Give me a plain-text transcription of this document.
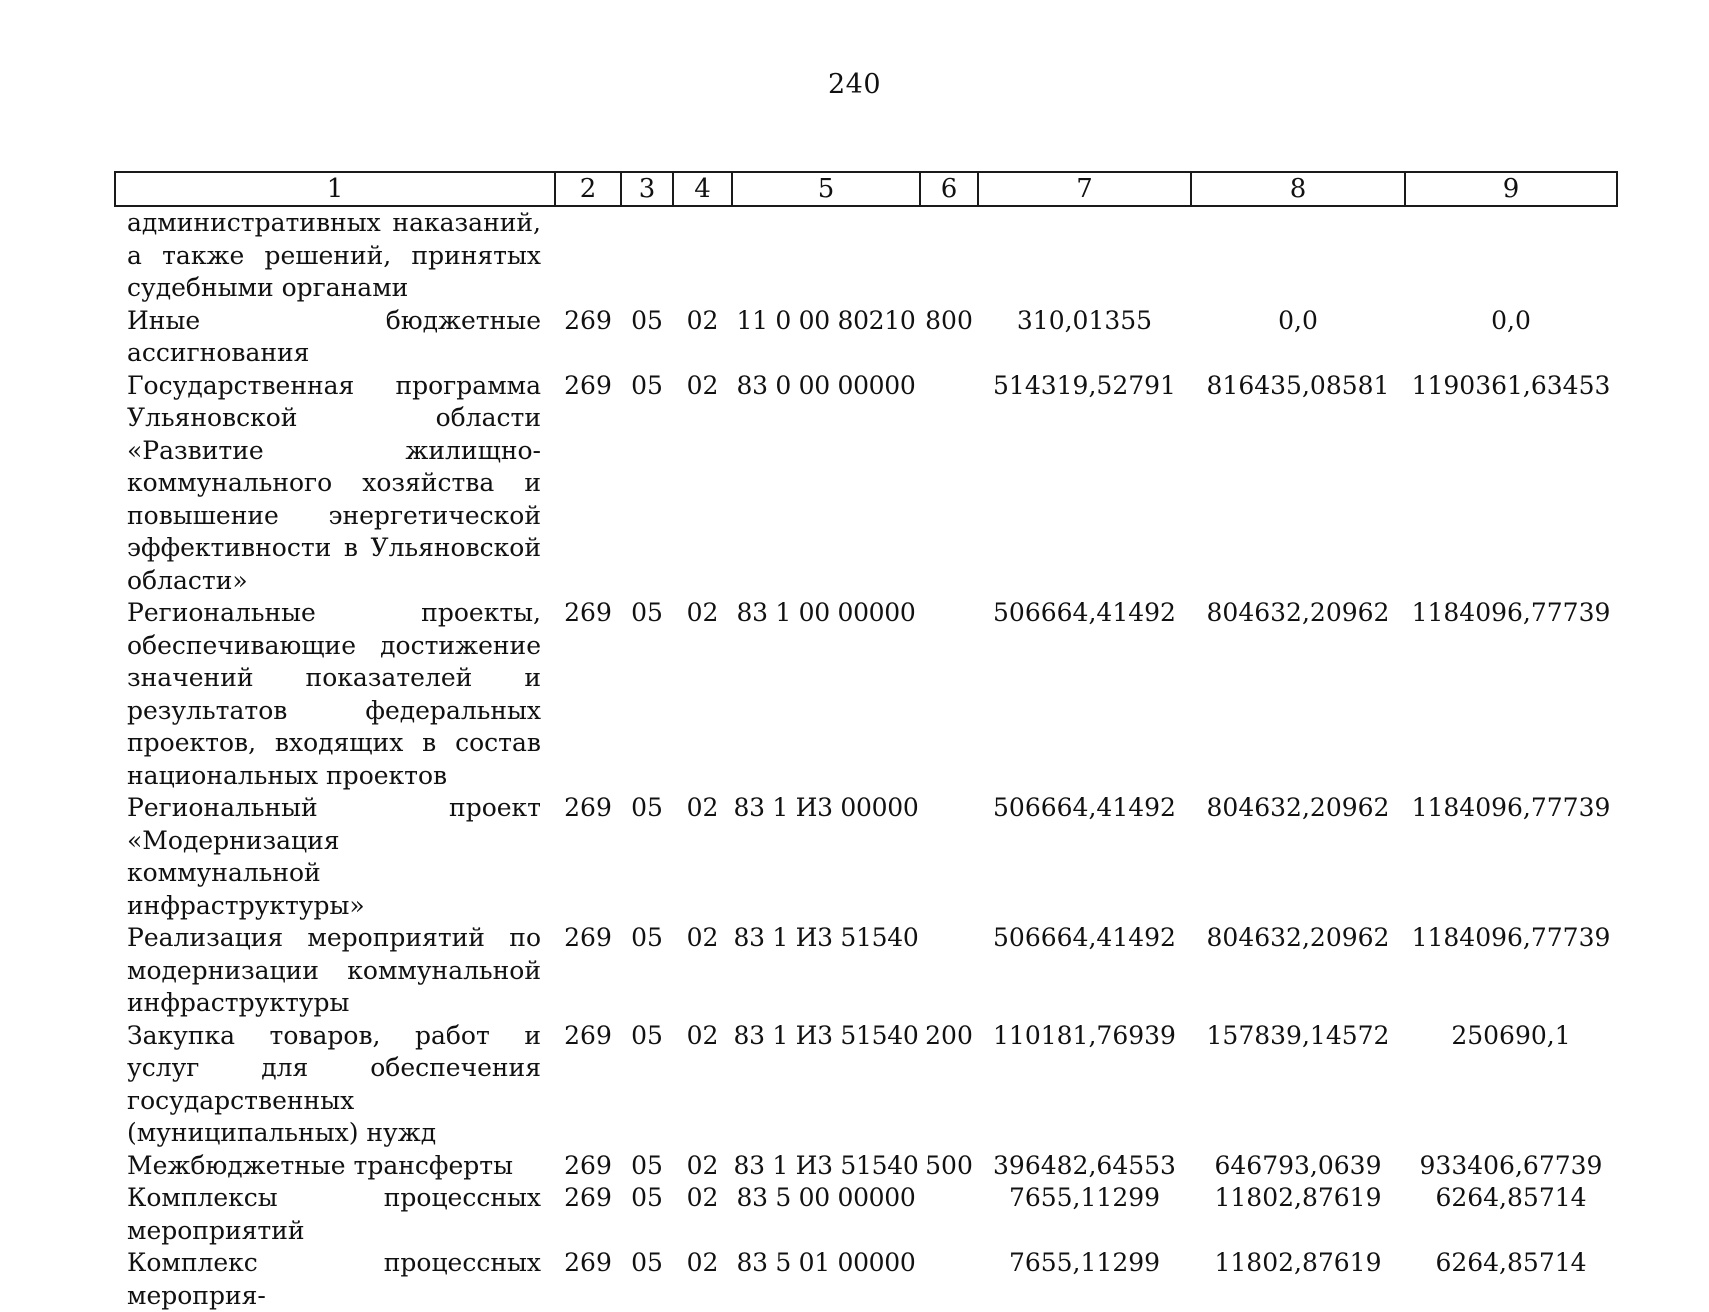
240
1	2	3	4	5	6	7	8	9
административных наказаний, а также решений, принятых судебными органами								
Иные бюджетные ассигнования	269	05	02	11 0 00 80210	800	310,01355	0,0	0,0
Государственная программа Ульяновской области «Развитие жилищно-коммунального хозяйства и повышение энергетической эффективности в Ульяновской области»	269	05	02	83 0 00 00000		514319,52791	816435,08581	1190361,63453
Региональные проекты, обеспечивающие достижение значений показателей и результатов федеральных проектов, входящих в состав национальных проектов	269	05	02	83 1 00 00000		506664,41492	804632,20962	1184096,77739
Региональный проект «Модернизация коммунальной инфраструктуры»	269	05	02	83 1 И3 00000		506664,41492	804632,20962	1184096,77739
Реализация мероприятий по модернизации коммунальной инфраструктуры	269	05	02	83 1 И3 51540		506664,41492	804632,20962	1184096,77739
Закупка товаров, работ и услуг для обеспечения государственных (муниципальных) нужд	269	05	02	83 1 И3 51540	200	110181,76939	157839,14572	250690,1
Межбюджетные трансферты	269	05	02	83 1 И3 51540	500	396482,64553	646793,0639	933406,67739
Комплексы процессных мероприятий	269	05	02	83 5 00 00000		7655,11299	11802,87619	6264,85714
Комплекс процессных мероприя-	269	05	02	83 5 01 00000		7655,11299	11802,87619	6264,85714
